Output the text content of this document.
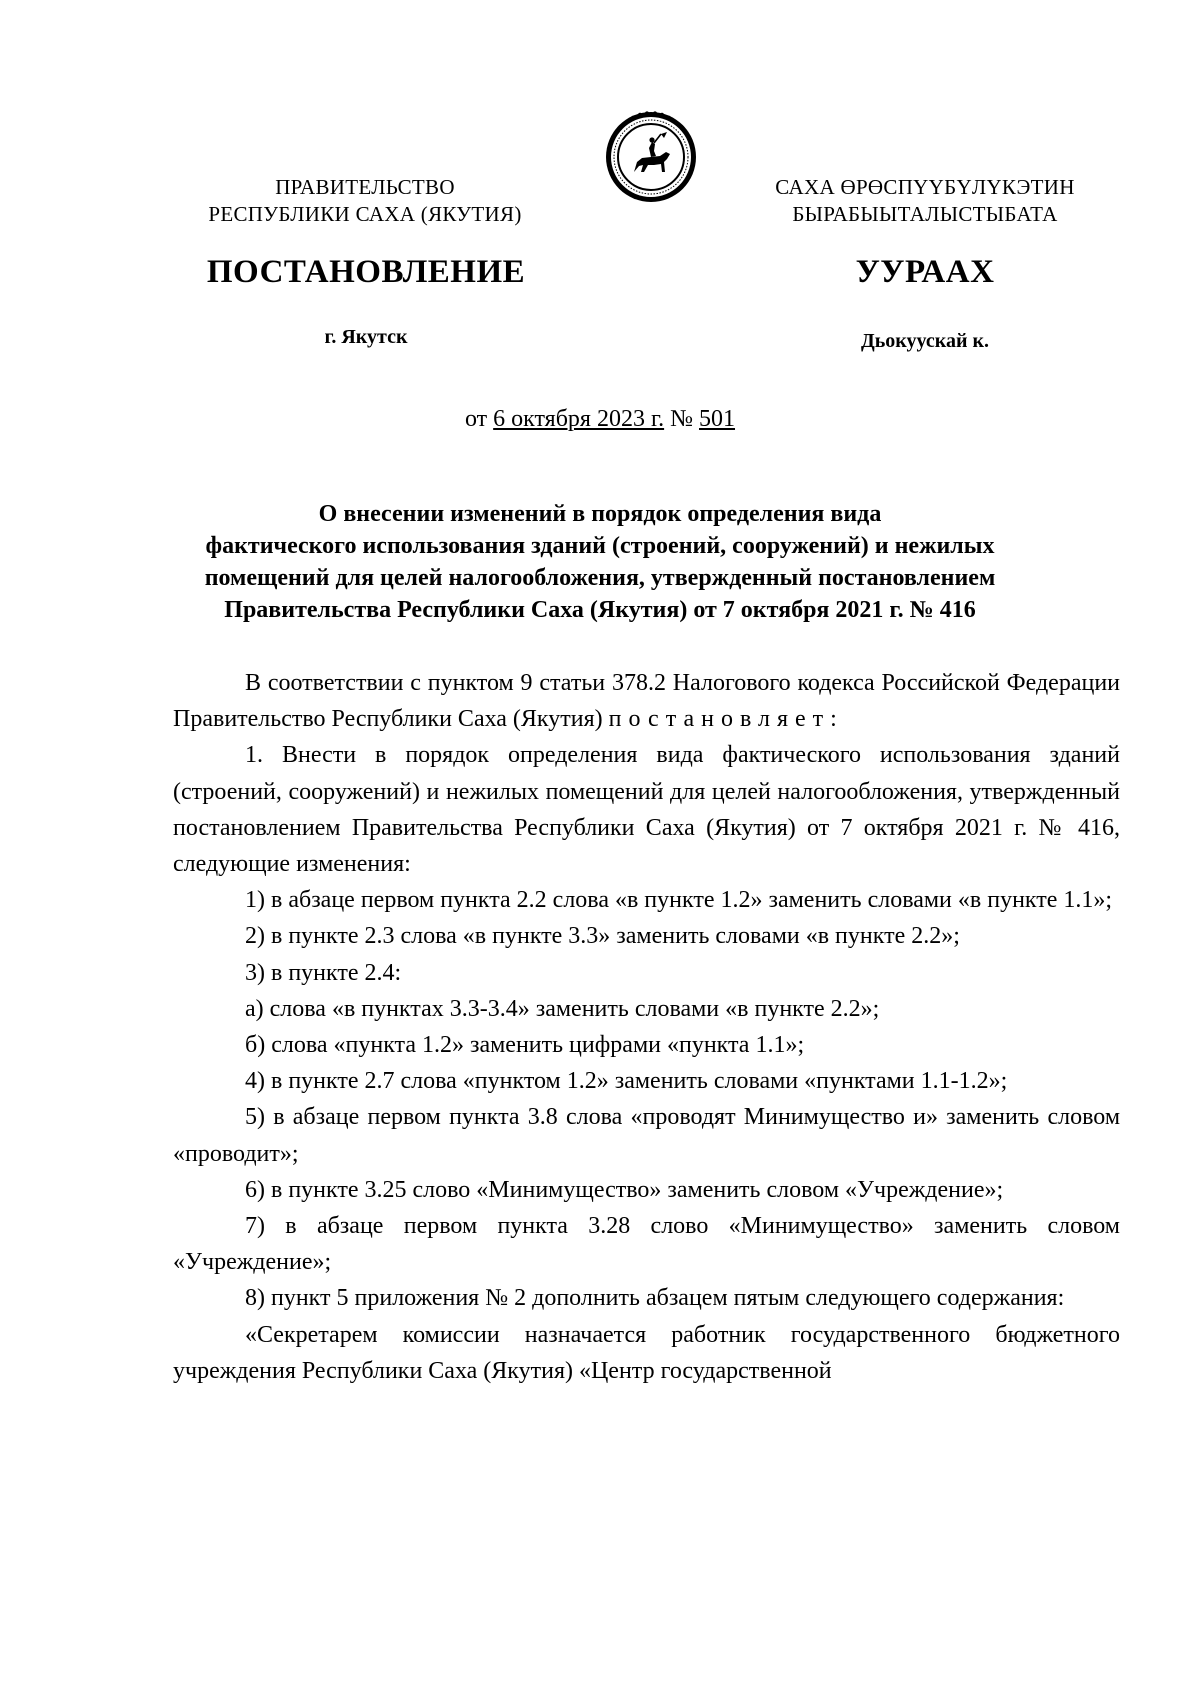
ПРАВИТЕЛЬСТВО
РЕСПУБЛИКИ САХА (ЯКУТИЯ)
САХА ӨРӨСПҮҮБҮЛҮКЭТИН
БЫРАБЫЫТАЛЫСТЫБАТА
ПОСТАНОВЛЕНИЕ	УУРААХ
г. Якутск	Дьокуускай к.
от 6 октября 2023 г. № 501
О внесении изменений в порядок определения вида
фактического использования зданий (строений, сооружений) и нежилых
помещений для целей налогообложения, утвержденный постановлением
Правительства Республики Саха (Якутия) от 7 октября 2021 г. № 416

В соответствии с пунктом 9 статьи 378.2 Налогового кодекса Российской Федерации Правительство Республики Саха (Якутия) постановляет:

1. Внести в порядок определения вида фактического использования зданий (строений, сооружений) и нежилых помещений для целей налогообложения, утвержденный постановлением Правительства Республики Саха (Якутия) от 7 октября 2021 г. № 416, следующие изменения:

1) в абзаце первом пункта 2.2 слова «в пункте 1.2» заменить словами «в пункте 1.1»;

2) в пункте 2.3 слова «в пункте 3.3» заменить словами «в пункте 2.2»;

3) в пункте 2.4:

а) слова «в пунктах 3.3-3.4» заменить словами «в пункте 2.2»;

б) слова «пункта 1.2» заменить цифрами «пункта 1.1»;

4) в пункте 2.7 слова «пунктом 1.2» заменить словами «пунктами 1.1-1.2»;

5) в абзаце первом пункта 3.8 слова «проводят Минимущество и» заменить словом «проводит»;

6) в пункте 3.25 слово «Минимущество» заменить словом «Учреждение»;

7) в абзаце первом пункта 3.28 слово «Минимущество» заменить словом «Учреждение»;

8) пункт 5 приложения № 2 дополнить абзацем пятым следующего содержания:

«Секретарем комиссии назначается работник государственного бюджетного учреждения Республики Саха (Якутия) «Центр государственной
